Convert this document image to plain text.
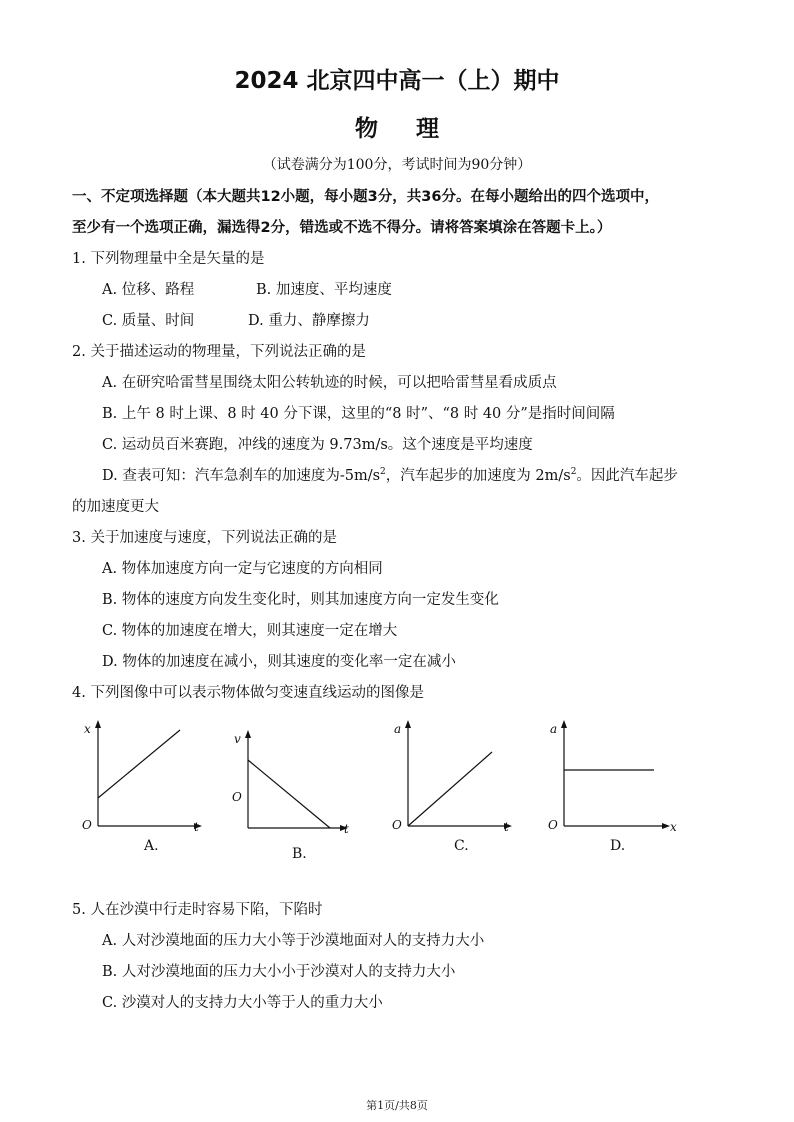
2024 北京四中高一（上）期中
物理
（试卷满分为100分，考试时间为90分钟）
一、不定项选择题（本大题共12小题，每小题3分，共36分。在每小题给出的四个选项中，
至少有一个选项正确，漏选得2分，错选或不选不得分。请将答案填涂在答题卡上。）
1. 下列物理量中全是矢量的是
A. 位移、路程	B. 加速度、平均速度
C. 质量、时间	D. 重力、静摩擦力
2. 关于描述运动的物理量，下列说法正确的是
A. 在研究哈雷彗星围绕太阳公转轨迹的时候，可以把哈雷彗星看成质点
B. 上午 8 时上课、8 时 40 分下课，这里的“8 时”、“8 时 40 分”是指时间间隔
C. 运动员百米赛跑，冲线的速度为 9.73m/s。这个速度是平均速度
D. 查表可知：汽车急刹车的加速度为$-5m/s^2$，汽车起步的加速度为 $2m/s^2$。因此汽车起步
的加速度更大
3. 关于加速度与速度，下列说法正确的是
A. 物体加速度方向一定与它速度的方向相同
B. 物体的速度方向发生变化时，则其加速度方向一定发生变化
C. 物体的加速度在增大，则其速度一定在增大
D. 物体的加速度在减小，则其速度的变化率一定在减小
4. 下列图像中可以表示物体做匀变速直线运动的图像是
x
O	t
A.
v
O
t
B.
a
O	t
C.
a
O	x
D.
5. 人在沙漠中行走时容易下陷，下陷时
A. 人对沙漠地面的压力大小等于沙漠地面对人的支持力大小
B. 人对沙漠地面的压力大小小于沙漠对人的支持力大小
C. 沙漠对人的支持力大小等于人的重力大小
第1页/共8页
